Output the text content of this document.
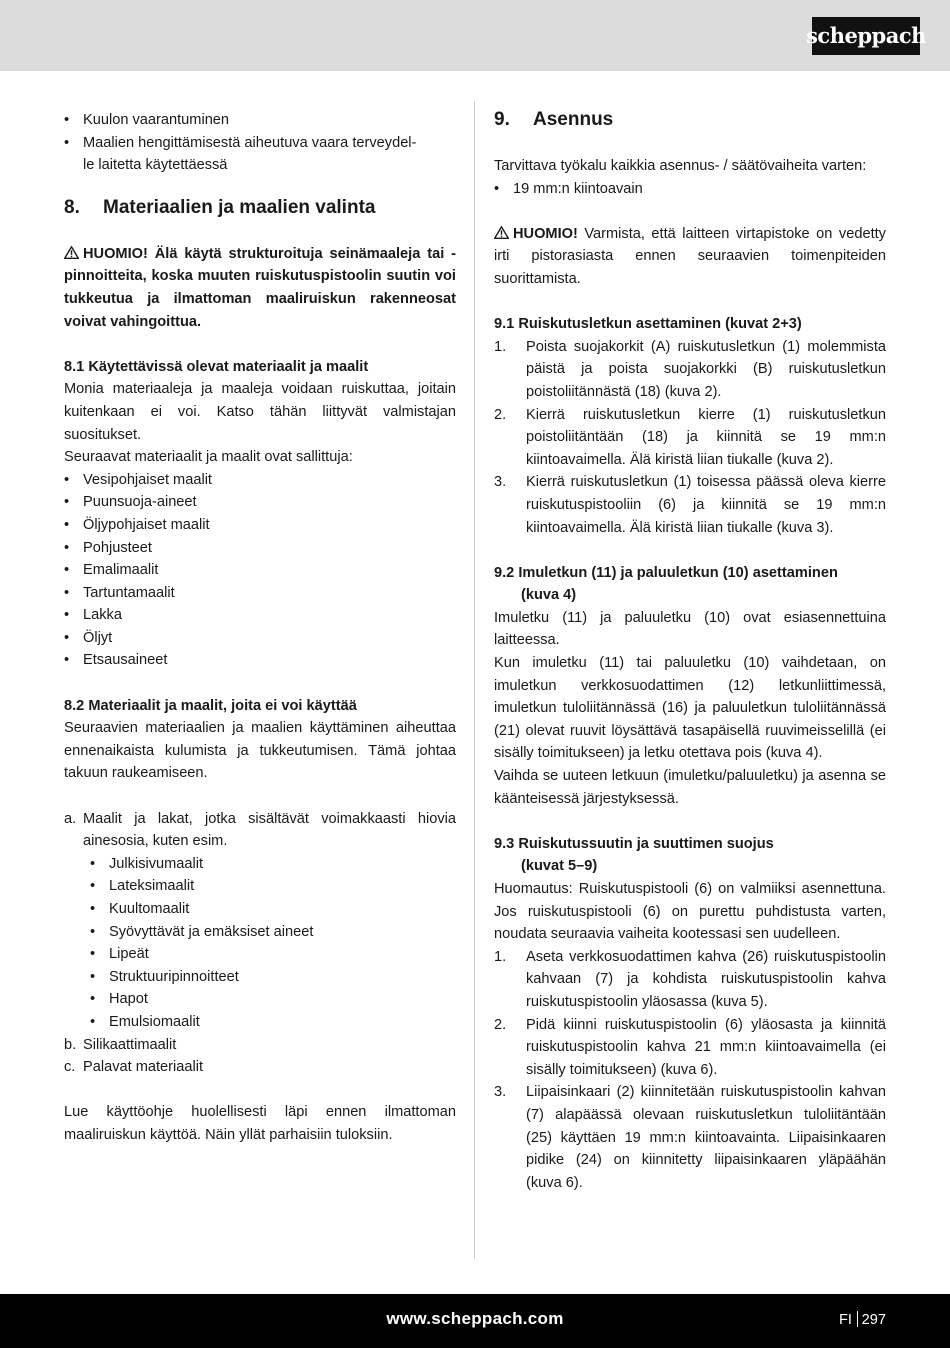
scheppach

• Kuulon vaarantuminen

• Maalien hengittämisestä aiheutuva vaara terveydel-
le laitetta käytettäessä

8. Materiaalien ja maalien valinta

HUOMIO! Älä käytä strukturoituja seinämaaleja tai -pinnoitteita, koska muuten ruiskutuspistoolin suutin voi tukkeutua ja ilmattoman maaliruiskun rakenneosat voivat vahingoittua.

8.1 Käytettävissä olevat materiaalit ja maalit

Monia materiaaleja ja maaleja voidaan ruiskuttaa, joitain kuitenkaan ei voi. Katso tähän liittyvät valmistajan suositukset.

Seuraavat materiaalit ja maalit ovat sallittuja:

• Vesipohjaiset maalit

• Puunsuoja-aineet

• Öljypohjaiset maalit

• Pohjusteet

• Emalimaalit

• Tartuntamaalit

• Lakka

• Öljyt

• Etsausaineet

8.2 Materiaalit ja maalit, joita ei voi käyttää

Seuraavien materiaalien ja maalien käyttäminen aiheuttaa ennenaikaista kulumista ja tukkeutumisen. Tämä johtaa takuun raukeamiseen.

a. Maalit ja lakat, jotka sisältävät voimakkaasti hiovia ainesosia, kuten esim.

• Julkisivumaalit

• Lateksimaalit

• Kuultomaalit

• Syövyttävät ja emäksiset aineet

• Lipeät

• Struktuuripinnoitteet

• Hapot

• Emulsiomaalit

b. Silikaattimaalit
c. Palavat materiaalit

Lue käyttöohje huolellisesti läpi ennen ilmattoman maaliruiskun käyttöä. Näin yllät parhaisiin tuloksiin.

9. Asennus

Tarvittava työkalu kaikkia asennus- / säätövaiheita varten:

• 19 mm:n kiintoavain

HUOMIO! Varmista, että laitteen virtapistoke on vedetty irti pistorasiasta ennen seuraavien toimenpiteiden suorittamista.

9.1 Ruiskutusletkun asettaminen (kuvat 2+3)

1. Poista suojakorkit (A) ruiskutusletkun (1) molemmista päistä ja poista suojakorkki (B) ruiskutusletkun poistoliitännästä (18) (kuva 2).
2. Kierrä ruiskutusletkun kierre (1) ruiskutusletkun poistoliitäntään (18) ja kiinnitä se 19 mm:n kiintoavaimella. Älä kiristä liian tiukalle (kuva 2).
3. Kierrä ruiskutusletkun (1) toisessa päässä oleva kierre ruiskutuspistooliin (6) ja kiinnitä se 19 mm:n kiintoavaimella. Älä kiristä liian tiukalle (kuva 3).

9.2 Imuletkun (11) ja paluuletkun (10) asettaminen

(kuva 4)

Imuletku (11) ja paluuletku (10) ovat esiasennettuina laitteessa.

Kun imuletku (11) tai paluuletku (10) vaihdetaan, on imuletkun verkkosuodattimen (12) letkunliittimessä, imuletkun tuloliitännässä (16) ja paluuletkun tuloliitännässä (21) olevat ruuvit löysättävä tasapäisellä ruuvimeisselillä (ei sisälly toimitukseen) ja letku otettava pois (kuva 4).

Vaihda se uuteen letkuun (imuletku/paluuletku) ja asenna se käänteisessä järjestyksessä.

9.3 Ruiskutussuutin ja suuttimen suojus

(kuvat 5–9)

Huomautus: Ruiskutuspistooli (6) on valmiiksi asennettuna. Jos ruiskutuspistooli (6) on purettu puhdistusta varten, noudata seuraavia vaiheita kootessasi sen uudelleen.

1. Aseta verkkosuodattimen kahva (26) ruiskutuspistoolin kahvaan (7) ja kohdista ruiskutuspistoolin kahva ruiskutuspistoolin yläosassa (kuva 5).
2. Pidä kiinni ruiskutuspistoolin (6) yläosasta ja kiinnitä ruiskutuspistoolin kahva 21 mm:n kiintoavaimella (ei sisälly toimitukseen) (kuva 6).
3. Liipaisinkaari (2) kiinnitetään ruiskutuspistoolin kahvan (7) alapäässä olevaan ruiskutusletkun tuloliitäntään (25) käyttäen 19 mm:n kiintoavainta. Liipaisinkaaren pidike (24) on kiinnitetty liipaisinkaaren yläpäähän (kuva 6).
www.scheppach.com	FI 297
